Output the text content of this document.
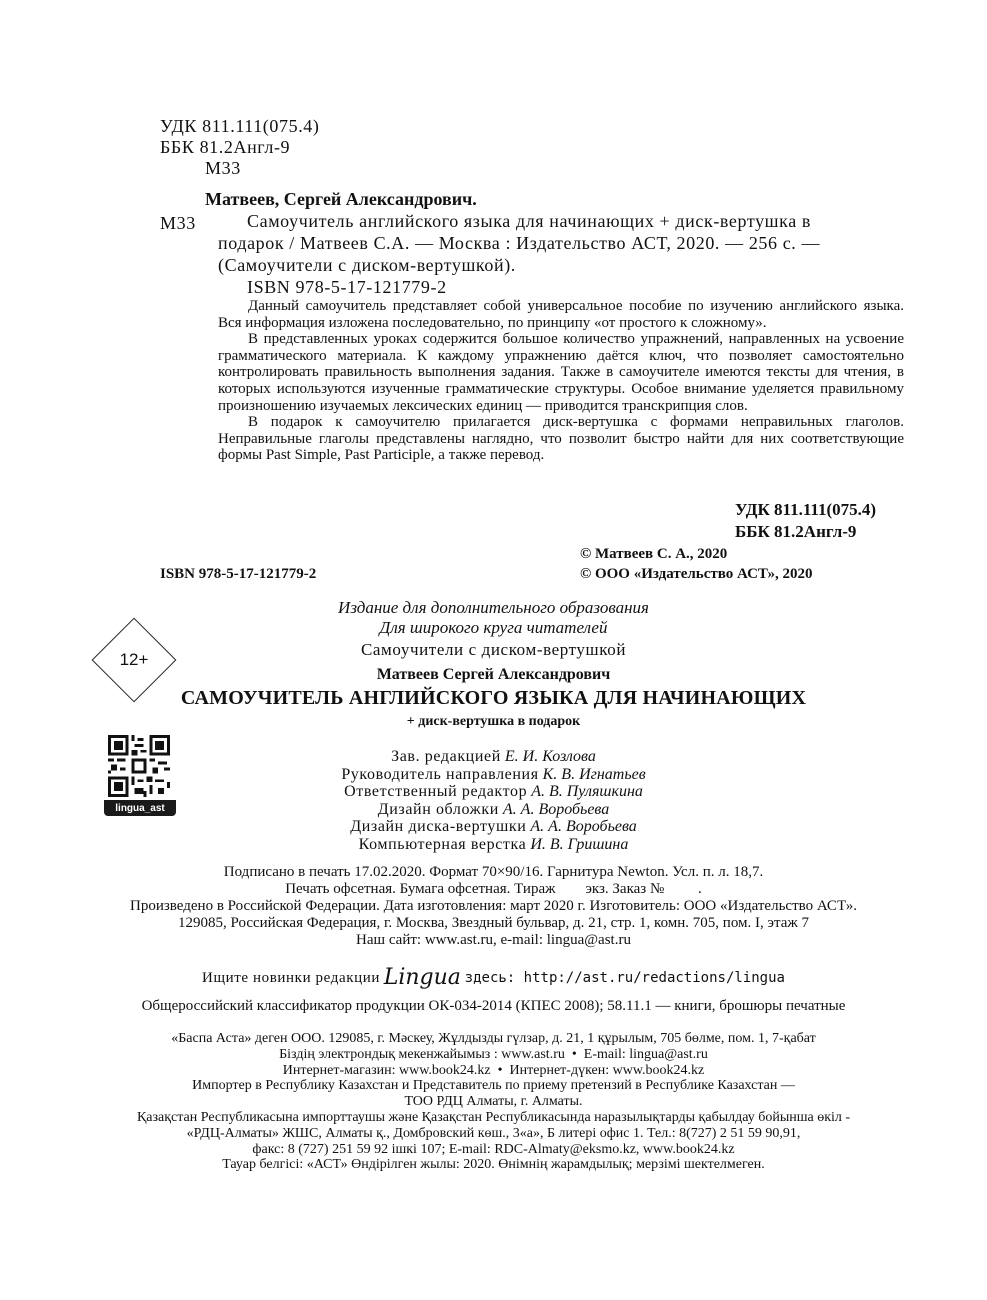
УДК 811.111(075.4)
ББК 81.2Англ-9
М33
Матвеев, Сергей Александрович.
М33	Самоучитель английского языка для начинающих + диск-вертушка в
подарок / Матвеев С.А. — Москва : Издательство АСТ, 2020. — 256 с. —
(Самоучители с диском-вертушкой).
ISBN 978-5-17-121779-2

Данный самоучитель представляет собой универсальное пособие по изучению английского языка. Вся информация изложена последовательно, по принципу «от простого к сложному».

В представленных уроках содержится большое количество упражнений, направленных на усвоение грамматического материала. К каждому упражнению даётся ключ, что позволяет самостоятельно контролировать правильность выполнения задания. Также в самоучителе имеются тексты для чтения, в которых используются изученные грамматические структуры. Особое внимание уделяется правильному произношению изучаемых лексических единиц — приводится транскрипция слов.

В подарок к самоучителю прилагается диск-вертушка с формами неправильных глаголов. Неправильные глаголы представлены наглядно, что позволит быстро найти для них соответствующие формы Past Simple, Past Participle, а также перевод.

УДК 811.111(075.4)
ББК 81.2Англ-9
© Матвеев С. А., 2020
ISBN 978-5-17-121779-2	© ООО «Издательство АСТ», 2020
Издание для дополнительного образования
Для широкого круга читателей
Самоучители с диском-вертушкой
12+
Матвеев Сергей Александрович
САМОУЧИТЕЛЬ АНГЛИЙСКОГО ЯЗЫКА ДЛЯ НАЧИНАЮЩИХ
+ диск-вертушка в подарок
lingua_ast
Зав. редакцией Е. И. Козлова
Руководитель направления К. В. Игнатьев
Ответственный редактор А. В. Пуляшкина
Дизайн обложки А. А. Воробьева
Дизайн диска-вертушки А. А. Воробьева
Компьютерная верстка И. В. Гришина
Подписано в печать 17.02.2020. Формат 70×90/16. Гарнитура Newton. Усл. п. л. 18,7.
Печать офсетная. Бумага офсетная. Тираж        экз. Заказ №         .
Произведено в Российской Федерации. Дата изготовления: март 2020 г. Изготовитель: ООО «Издательство АСТ».
129085, Российская Федерация, г. Москва, Звездный бульвар, д. 21, стр. 1, комн. 705, пом. I, этаж 7
Наш сайт: www.ast.ru, e-mail: lingua@ast.ru
Ищите новинки редакции Lingua здесь: http://ast.ru/redactions/lingua
Общероссийский классификатор продукции ОК-034-2014 (КПЕС 2008); 58.11.1 — книги, брошюры печатные
«Баспа Аста» деген ООО. 129085, г. Мәскеу, Жұлдызды гүлзар, д. 21, 1 құрылым, 705 бөлме, пом. 1, 7-қабат
Біздің электрондық мекенжайымыз : www.ast.ru  •  E-mail: lingua@ast.ru
Интернет-магазин: www.book24.kz  •  Интернет-дүкен: www.book24.kz
Импортер в Республику Казахстан и Представитель по приему претензий в Республике Казахстан —
ТОО РДЦ Алматы, г. Алматы.
Қазақстан Республикасына импорттаушы және Қазақстан Республикасында наразылықтарды қабылдау бойынша өкіл -
«РДЦ-Алматы» ЖШС, Алматы қ., Домбровский көш., 3«а», Б литері офис 1. Тел.: 8(727) 2 51 59 90,91,
факс: 8 (727) 251 59 92 ішкі 107; E-mail: RDC-Almaty@eksmo.kz, www.book24.kz
Тауар белгісі: «АСТ» Өндірілген жылы: 2020. Өнімнің жарамдылық; мерзімі шектелмеген.
